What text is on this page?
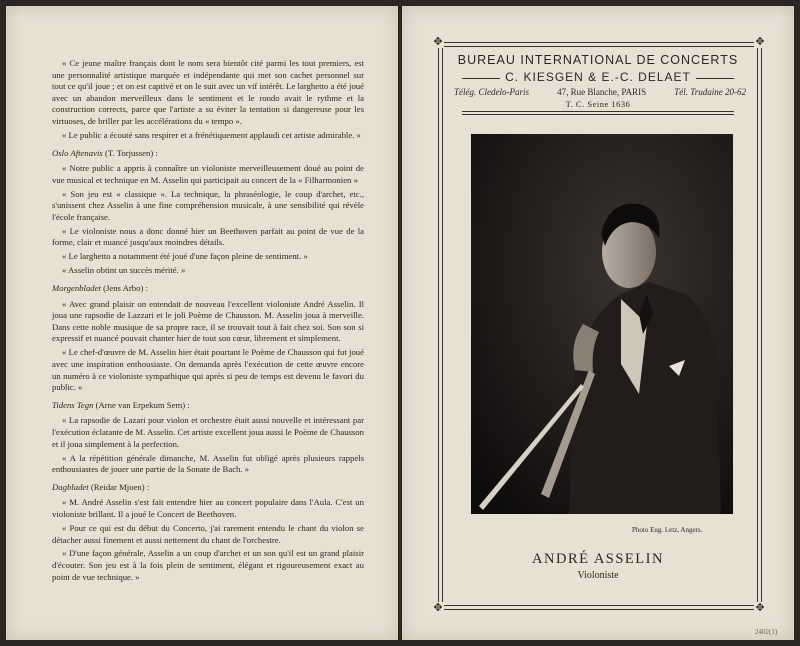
« Ce jeune maître français dont le nom sera bientôt cité parmi les tout premiers, est une personnalité artistique marquée et indépendante qui met son cachet personnel sur tout ce qu'il joue ; et on est captivé et on le suit avec un vif intérêt. Le larghetto a été joué avec un abandon merveilleux dans le sentiment et le rondo avait le rythme et la construction corrects, parce que l'artiste a su éviter la tentation si dangereuse pour les virtuoses, de briller par les accélérations du « tempo ».

« Le public a écouté sans respirer et a frénétiquement applaudi cet artiste admirable. »

Oslo Aftenavis (T. Torjussen) :

« Notre public a appris à connaître un violoniste merveilleusement doué au point de vue musical et technique en M. Asselin qui participait au concert de la « Filharmonien »

« Son jeu est « classique ». La technique, la phraséologie, le coup d'archet, etc., s'unissent chez Asselin à une fine compréhension musicale, à une sensibilité qui révèle l'école française.

« Le violoniste nous a donc donné hier un Beethoven parfait au point de vue de la forme, clair et nuancé jusqu'aux moindres détails.

« Le larghetto a notamment été joué d'une façon pleine de sentiment. »

« Asselin obtint un succès mérité. »

Morgenbladet (Jens Arbo) :

« Avec grand plaisir on entendait de nouveau l'excellent violoniste André Asselin. Il joua une rapsodie de Lazzari et le joli Poème de Chausson. M. Asselin joua à merveille. Dans cette noble musique de sa propre race, il se trouvait tout à fait chez soi. Son son si expressif et nuancé pouvait chanter hier de tout son cœur, librement et simplement.

« Le chef-d'œuvre de M. Asselin hier était pourtant le Poème de Chausson qui fut joué avec une inspiration enthousiaste. On demanda après l'exécution de cette œuvre encore un numéro à ce violoniste sympathique qui après si peu de temps est devenu le favori du public. »

Tidens Tegn (Arne van Erpekum Sem) :

« La rapsodie de Lazari pour violon et orchestre était aussi nouvelle et intéressant par l'exécution éclatante de M. Asselin. Cet artiste excellent joua aussi le Poème de Chausson et il joua simplement à la perfection.

« A la répétition générale dimanche, M. Asselin fut obligé après plusieurs rappels enthousiastes de jouer une partie de la Sonate de Bach. »

Dagbladet (Reidar Mjoen) :

« M. André Asselin s'est fait entendre hier au concert populaire dans l'Aula. C'est un violoniste brillant. Il a joué le Concert de Beethoven.

« Pour ce qui est du début du Concerto, j'ai rarement entendu le chant du violon se détacher aussi finement et aussi nettement du chant de l'orchestre.

« D'une façon générale, Asselin a un coup d'archet et un son qu'il est un grand plaisir d'écouter. Son jeu est à la fois plein de sentiment, élégant et rigoureusement exact au point de vue technique. »

✥	✥
✥	✥
BUREAU INTERNATIONAL DE CONCERTS
C. KIESGEN & E.-C. DELAET
Télég. Cledelo-Paris	47, Rue Blanche, PARIS	Tél. Trudaine 20-62
T. C. Seine 1636
Photo Eug. Letz, Angers.
ANDRÉ ASSELIN
Violoniste
2402(1)
